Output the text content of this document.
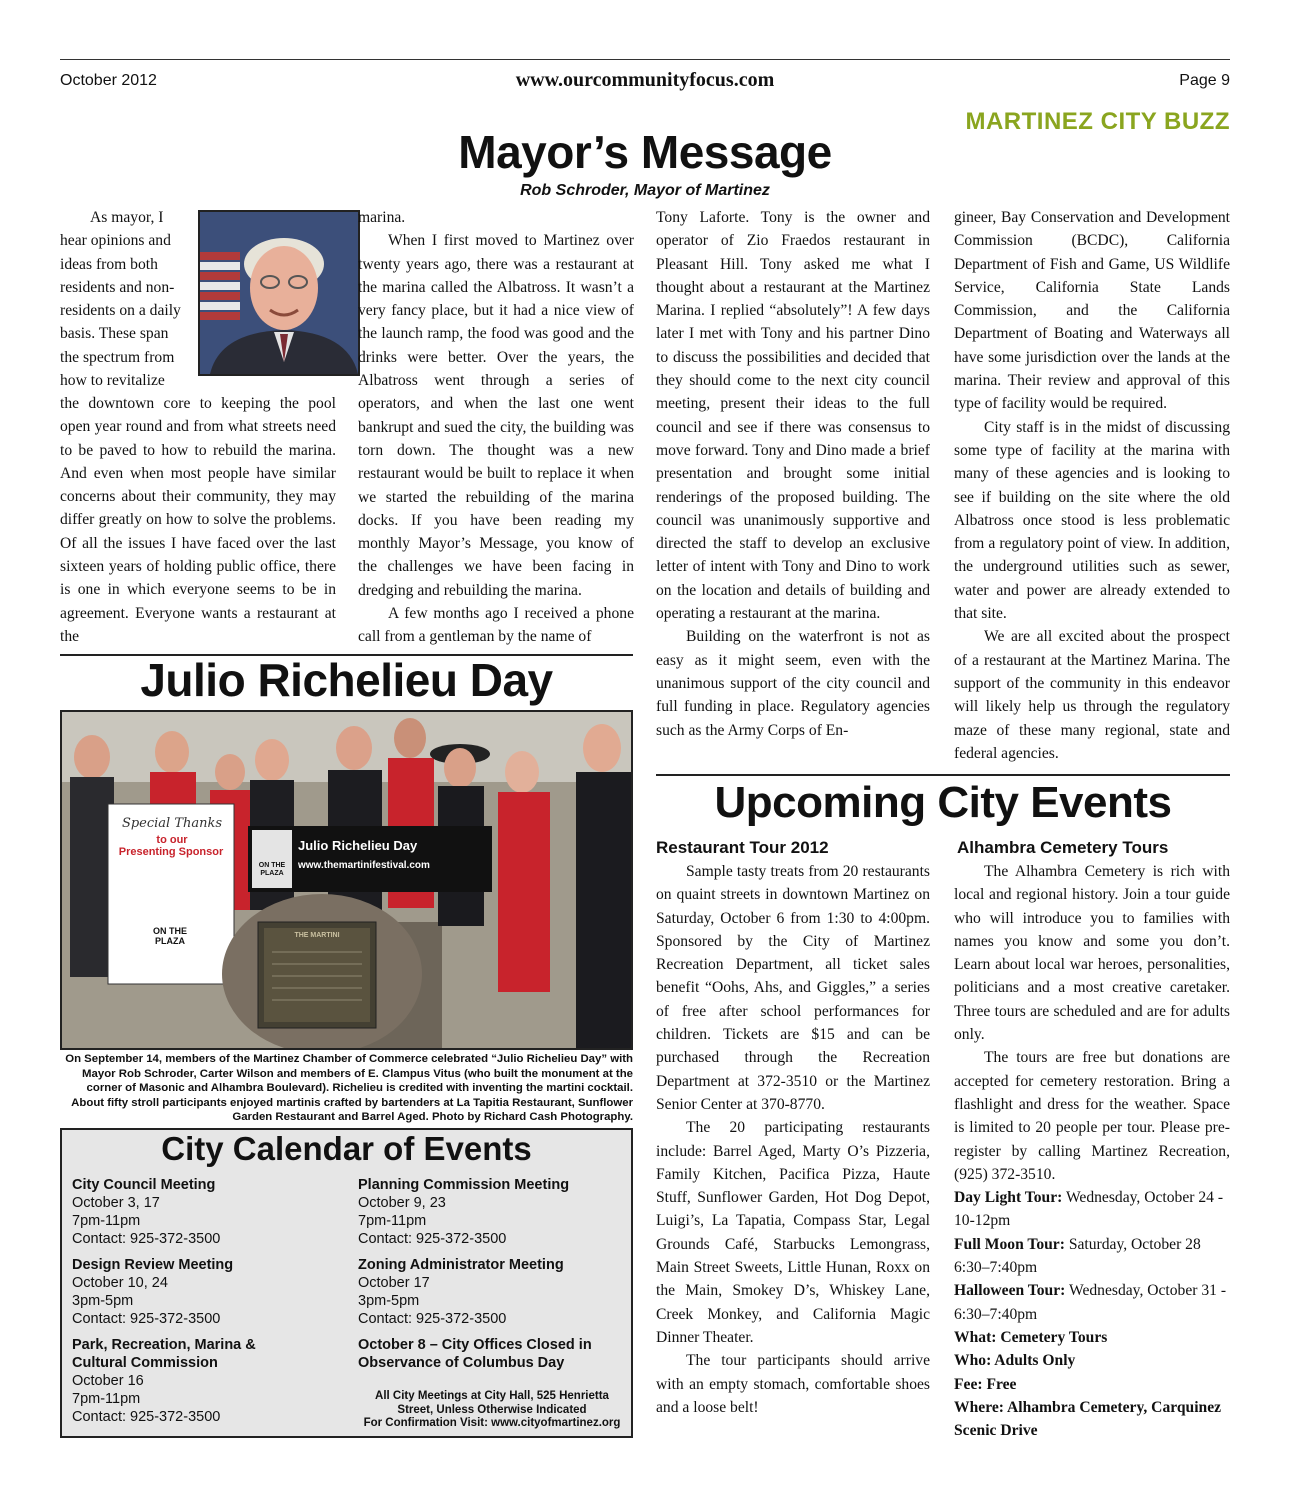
October 2012	www.ourcommunityfocus.com	Page 9
MARTINEZ CITY BUZZ
Mayor’s Message
Rob Schroder, Mayor of Martinez
As mayor, I
hear opinions and
ideas from both
residents and non-
residents on a daily
basis. These span
the spectrum from
how to revitalize
the downtown core to keeping the pool open year round and from what streets need to be paved to how to rebuild the marina. And even when most people have similar concerns about their community, they may differ greatly on how to solve the problems. Of all the issues I have faced over the last sixteen years of holding public office, there is one in which everyone seems to be in agreement. Everyone wants a restaurant at the

marina.

When I first moved to Martinez over twenty years ago, there was a restaurant at the marina called the Albatross. It wasn’t a very fancy place, but it had a nice view of the launch ramp, the food was good and the drinks were better. Over the years, the Albatross went through a series of operators, and when the last one went bankrupt and sued the city, the building was torn down. The thought was a new restaurant would be built to replace it when we started the rebuilding of the marina docks. If you have been reading my monthly Mayor’s Message, you know of the challenges we have been facing in dredging and rebuilding the marina.

A few months ago I received a phone call from a gentleman by the name of

Tony Laforte. Tony is the owner and operator of Zio Fraedos restaurant in Pleasant Hill. Tony asked me what I thought about a restaurant at the Martinez Marina. I replied “absolutely”! A few days later I met with Tony and his partner Dino to discuss the possibilities and decided that they should come to the next city council meeting, present their ideas to the full council and see if there was consensus to move forward. Tony and Dino made a brief presentation and brought some initial renderings of the proposed building. The council was unanimously supportive and directed the staff to develop an exclusive letter of intent with Tony and Dino to work on the location and details of building and operating a restaurant at the marina.

Building on the waterfront is not as easy as it might seem, even with the unanimous support of the city council and full funding in place. Regulatory agencies such as the Army Corps of En-

gineer, Bay Conservation and Development Commission (BCDC), California Department of Fish and Game, US Wildlife Service, California State Lands Commission, and the California Department of Boating and Waterways all have some jurisdiction over the lands at the marina. Their review and approval of this type of facility would be required.

City staff is in the midst of discussing some type of facility at the marina with many of these agencies and is looking to see if building on the site where the old Albatross once stood is less problematic from a regulatory point of view. In addition, the underground utilities such as sewer, water and power are already extended to that site.

We are all excited about the prospect of a restaurant at the Martinez Marina. The support of the community in this endeavor will likely help us through the regulatory maze of these many regional, state and federal agencies.

Julio Richelieu Day
Special Thanks
to our
Presenting Sponsor
ON THE PLAZA
ON THE PLAZA
Julio Richelieu Day
www.themartinifestival.com
THE MARTINI
On September 14, members of the Martinez Chamber of Commerce celebrated “Julio Richelieu Day” with Mayor Rob Schroder, Carter Wilson and members of E. Clampus Vitus (who built the monument at the corner of Masonic and Alhambra Boulevard). Richelieu is credited with inventing the martini cocktail. About fifty stroll participants enjoyed martinis crafted by bartenders at La Tapitia Restaurant, Sunflower Garden Restaurant and Barrel Aged. Photo by Richard Cash Photography.
City Calendar of Events
City Council Meeting
October 3, 17
7pm-11pm
Contact: 925-372-3500
Design Review Meeting
October 10, 24
3pm-5pm
Contact: 925-372-3500
Park, Recreation, Marina & Cultural Commission
October 16
7pm-11pm
Contact: 925-372-3500
Planning Commission Meeting
October 9, 23
7pm-11pm
Contact: 925-372-3500
Zoning Administrator Meeting
October 17
3pm-5pm
Contact: 925-372-3500
October 8 – City Offices Closed in Observance of Columbus Day
All City Meetings at City Hall, 525 Henrietta
Street, Unless Otherwise Indicated
For Confirmation Visit: www.cityofmartinez.org
Upcoming City Events
Restaurant Tour 2012

Sample tasty treats from 20 restaurants on quaint streets in downtown Martinez on Saturday, October 6 from 1:30 to 4:00pm. Sponsored by the City of Martinez Recreation Department, all ticket sales benefit “Oohs, Ahs, and Giggles,” a series of free after school performances for children. Tickets are $15 and can be purchased through the Recreation Department at 372-3510 or the Martinez Senior Center at 370-8770.

The 20 participating restaurants include: Barrel Aged, Marty O’s Pizzeria, Family Kitchen, Pacifica Pizza, Haute Stuff, Sunflower Garden, Hot Dog Depot, Luigi’s, La Tapatia, Compass Star, Legal Grounds Café, Starbucks Lemongrass, Main Street Sweets, Little Hunan, Roxx on the Main, Smokey D’s, Whiskey Lane, Creek Monkey, and California Magic Dinner Theater.

The tour participants should arrive with an empty stomach, comfortable shoes and a loose belt!

Alhambra Cemetery Tours

The Alhambra Cemetery is rich with local and regional history. Join a tour guide who will introduce you to families with names you know and some you don’t. Learn about local war heroes, personalities, politicians and a most creative caretaker. Three tours are scheduled and are for adults only.

The tours are free but donations are accepted for cemetery restoration. Bring a flashlight and dress for the weather. Space is limited to 20 people per tour. Please pre-register by calling Martinez Recreation, (925) 372-3510.

Day Light Tour: Wednesday, October 24 - 10-12pm

Full Moon Tour: Saturday, October 28 6:30–7:40pm

Halloween Tour: Wednesday, October 31 - 6:30–7:40pm

What: Cemetery Tours

Who: Adults Only

Fee: Free

Where: Alhambra Cemetery, Carquinez Scenic Drive
